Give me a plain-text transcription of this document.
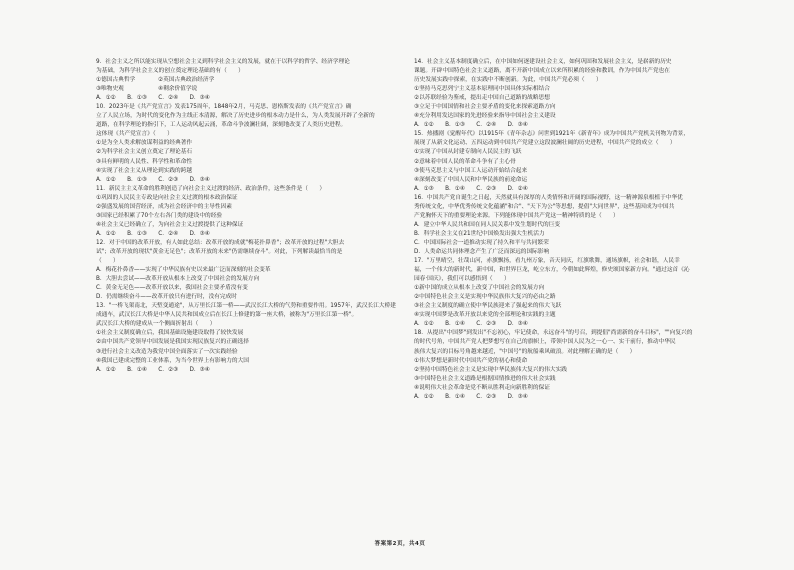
9．社会主义之所以能实现从空想社会主义到科学社会主义的发展，就在于以科学的哲学、经济学理论
为基础，为科学社会主义的创立奠定理论基础的有（　　）
①德国古典哲学　　　　②英国古典政治经济学
③唯物史观　　　　　　④剩余价值学说
A．①②　　B．①③　　C．②④　　D．③④
10．2023年是《共产党宣言》发表175周年，1848年2月，马克思、恩格斯发表的《共产党宣言》确
立了人民立场，为时代的变化作为主线正本清源，解决了历史进步的根本动力是什么，为人类发展开辟了全新的
道路，在科学理论的指引下，工人运动风起云涌，革命斗争波澜壮阔，深刻地改变了人类历史进程。
这体现《共产党宣言》（　　）
①是为全人类求解放谋利益的经典著作
②为科学社会主义创立奠定了理论基石
③具有鲜明的人民性、科学性和革命性
④实现了社会主义从理论到实践的跨越
A．①②　　B．①③　　C．②③　　D．③④
11．新民主主义革命的胜利创造了向社会主义过渡的经济、政治条件，这些条件是（　　）
①巩固的人民民主专政是向社会主义过渡的根本政治保证
②强盛发展的国营经济，成为社会经济中的主导性因素
③国家已经积累了70个左右各门类的建设中的经验
④社会主义已经确立了，为向社会主义过渡提供了这种保证
A．①②　　B．①③　　C．②④　　D．③④
12．对于中国的改革开放，有人如此总结：改革开放的成就"梅花扑鼻香"；改革开放的过程"大胆去
试"；改革开放的现状"黄金无足色"；改革开放的未来"仍需继续奋斗"。对此，下列解读最恰当的是
（　　）
A．梅花扑鼻香——实现了中华民族有史以来最广泛而深刻的社会变革
B．大胆去尝试——改革开放从根本上改变了中国社会的发展方向
C．黄金无足色——改革开放以来，我国社会主要矛盾没有变
D．仍需继续奋斗——改革开放只有进行时，没有完成时
13．"一桥飞架南北，天堑变通途"，从万里长江第一桥——武汉长江大桥的气势和重要作用。1957年，武汉长江大桥建
成通车，武汉长江大桥是中华人民共和国成立后在长江上修建的第一座大桥，被称为"万里长江第一桥"。
武汉长江大桥的建成从一个侧面折射出（　　）
①社会主义制度确立后，我国基础设施建设取得了较快发展
②由中国共产党领导中国发展是我国实现民族复兴的正确选择
③进行社会主义改造为我党中国全面落实了一次实践经验
④我国已建成完整的工业体系，为当今世界上有影响力的大国
A．①②　　B．①④　　C．②③　　D．③④
14．社会主义基本制度确立后，在中国如何逐建设社会主义，如何巩固和发展社会主义，是崭新的历史
课题。开辟中国特色社会主义道路，离不开新中国成立以来所积累的经验和教训，作为中国共产党也在
历史发展实践中探索，在实践中不断创新。为此，中国共产党必须（　　）
①坚持马克思列宁主义基本原理同中国具体实际相结合
②以苏联经验为鉴戒，提出走中国自己道路的战略思想
③立足于中国国情和社会主要矛盾的变化来探索道路方向
④充分利用发达国家的先进经验来指导中国社会主义建设
A．①②　　B．①③　　C．②④　　D．③④
15．热播剧《觉醒年代》以1915年《青年杂志》问世到1921年《新青年》成为中国共产党机关刊物为背景，
展现了从新文化运动、五四运动到中国共产党建立这段波澜壮阔的历史进程，中国共产党的成立（　　）
①实现了中国从封建专制向人民民主的飞跃
②意味着中国人民的革命斗争有了主心骨
③使马克思主义与中国工人运动开始结合起来
④深刻改变了中国人民和中华民族的前途命运
A．①③　　B．①④　　C．②③　　D．②④
16．中国共产党自诞生之日起，天然就具有深厚的人类情怀和开阔的国际视野，这一精神源泉根植于中华优
秀传统文化，中华优秀传统文化蕴涵"和合"、"天下为公"等思想，提倡"大同世界"，这些基因成为中国共
产党胸怀天下的重要理论来源。下列能体现中国共产党这一精神特质的是（　　）
A．建立中华人民共和国在同人民关系中发生划时代的巨变
B．科学社会主义在21世纪中国焕发出强大生机活力
C．中国国际社会一道推动实现了持久和平与共同繁荣
D．人类命运共同体理念产生了广泛而深远的国际影响
17．"万里晴空，壮哉山河，赤旗飘扬，看九州万象，音天同庆，红旗歌舞，通场旗帜，社会和谐，人民幸
福，一个伟大的新时代，新中国，和世界巨龙，屹立东方，今朝如此辉煌，修史颂国家新方向。"通过这首《沁
园春·国庆》，我们可以感悟到（　　）
①新中国的成立从根本上改变了中国社会的发展方向
②中国特色社会主义是实现中华民族伟大复兴的必由之路
③社会主义制度的确立使中华民族迎来了强起来的伟大飞跃
④实现中国梦是改革开放以来党的全部理论和实践的主题
A．①②　　B．①④　　C．②③　　D．③④
18．从提出"中国梦"到发出"不忘初心，牢记使命，永远奋斗"的号召，到提倡"尚需新的奋斗目标"，""向复兴的
的时代号角，中国共产党人把梦想写在自己的旗帜上，带领中国人民为之一心一、实干前行，推动中华民
族伟大复兴的目标号角越来越近，"中国号"的航船乘风破浪。对此理解正确的是（　　）
①伟大梦想是新时代中国共产党的初心和使命
②坚持中国特色社会主义是实现中华民族伟大复兴的伟大实践
③中国特色社会主义道路是根据国情推进的伟大社会实践
④说明伟大社会革命是党不断从胜利走向新胜利的保证
A．①②　　B．①④　　C．②③　　D．③④
答案第2页，共4页
